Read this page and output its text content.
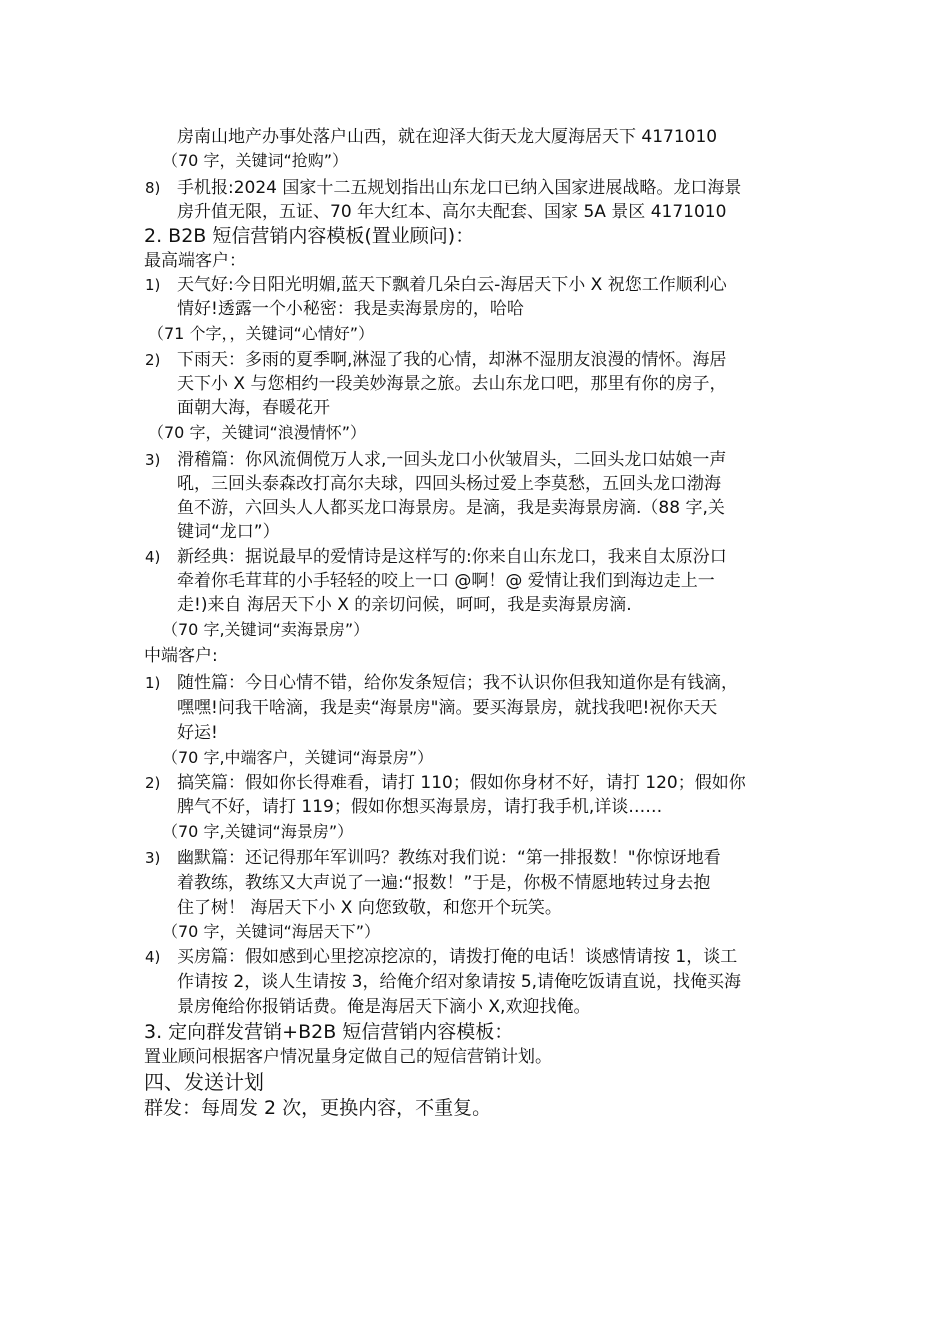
房南山地产办事处落户山西，就在迎泽大街天龙大厦海居天下 4171010
（70 字，关键词“抢购”）
8) 手机报:2024 国家十二五规划指出山东龙口已纳入国家进展战略。龙口海景
房升值无限，五证、70 年大红本、高尔夫配套、国家 5A 景区 4171010
2. B2B 短信营销内容模板(置业顾问)：
最高端客户：
1) 天气好:今日阳光明媚,蓝天下飘着几朵白云-海居天下小 X 祝您工作顺利心
情好!透露一个小秘密：我是卖海景房的，哈哈
（71 个字，，关键词“心情好”）
2) 下雨天：多雨的夏季啊,淋湿了我的心情，却淋不湿朋友浪漫的情怀。海居
天下小 X 与您相约一段美妙海景之旅。去山东龙口吧，那里有你的房子，
面朝大海，春暖花开
（70 字，关键词“浪漫情怀”）
3) 滑稽篇：你风流倜傥万人求,一回头龙口小伙皱眉头，二回头龙口姑娘一声
吼，三回头泰森改打高尔夫球，四回头杨过爱上李莫愁，五回头龙口渤海
鱼不游，六回头人人都买龙口海景房。是滴，我是卖海景房滴.（88 字,关
键词“龙口”）
4) 新经典：据说最早的爱情诗是这样写的:你来自山东龙口，我来自太原汾口
牵着你毛茸茸的小手轻轻的咬上一口 @啊！@ 爱情让我们到海边走上一
走!)来自 海居天下小 X 的亲切问候，呵呵，我是卖海景房滴.
（70 字,关键词“卖海景房”）
中端客户:
1) 随性篇：今日心情不错，给你发条短信；我不认识你但我知道你是有钱滴，
嘿嘿!问我干啥滴，我是卖“海景房"滴。要买海景房，就找我吧!祝你天天
好运!
（70 字,中端客户，关键词“海景房”）
2) 搞笑篇：假如你长得难看，请打 110；假如你身材不好，请打 120；假如你
脾气不好，请打 119；假如你想买海景房，请打我手机,详谈……
（70 字,关键词“海景房”）
3) 幽默篇：还记得那年军训吗？教练对我们说：“第一排报数！"你惊讶地看
着教练，教练又大声说了一遍:“报数！”于是，你极不情愿地转过身去抱
住了树！ 海居天下小 X 向您致敬，和您开个玩笑。
（70 字，关键词“海居天下”）
4) 买房篇：假如感到心里挖凉挖凉的，请拨打俺的电话！谈感情请按 1，谈工
作请按 2，谈人生请按 3，给俺介绍对象请按 5,请俺吃饭请直说，找俺买海
景房俺给你报销话费。俺是海居天下滴小 X,欢迎找俺。
3. 定向群发营销+B2B 短信营销内容模板：
置业顾问根据客户情况量身定做自己的短信营销计划。
四、发送计划
群发：每周发 2 次，更换内容，不重复。
